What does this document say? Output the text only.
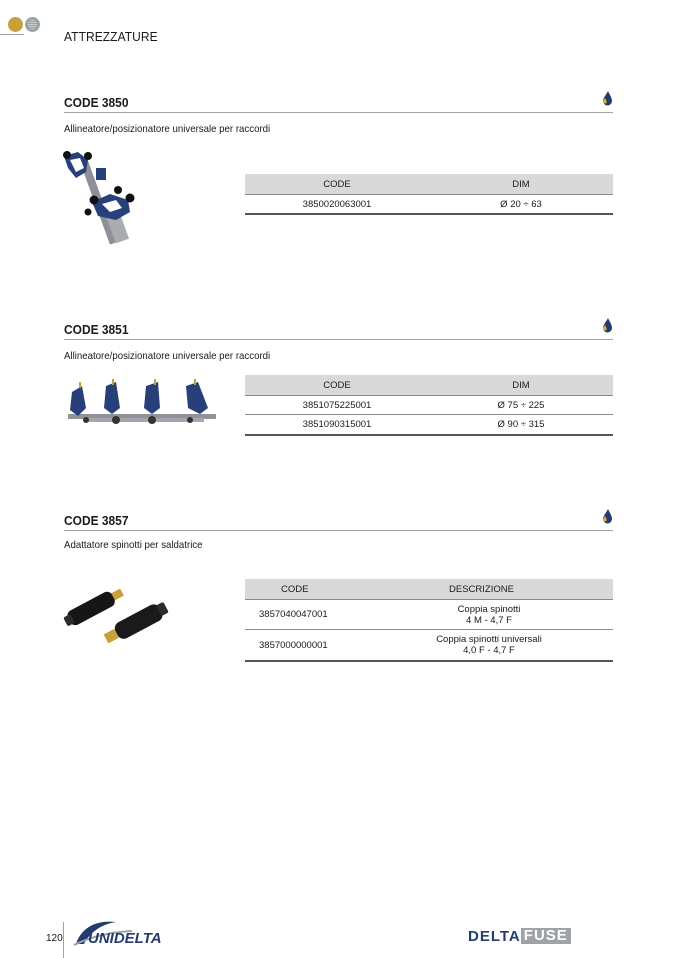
ATTREZZATURE
CODE 3850
Allineatore/posizionatore universale per raccordi
CODE	DIM
3850020063001	Ø 20 ÷ 63
CODE 3851
Allineatore/posizionatore universale per raccordi
CODE	DIM
3851075225001	Ø 75 ÷ 225
3851090315001	Ø 90 ÷ 315
CODE 3857
Adattatore spinotti per saldatrice
CODE	DESCRIZIONE
3857040047001	Coppia spinotti
4 M - 4,7 F
3857000000001	Coppia spinotti universali
4,0 F - 4,7 F
120 UNIDELTA	DELTA FUSE
